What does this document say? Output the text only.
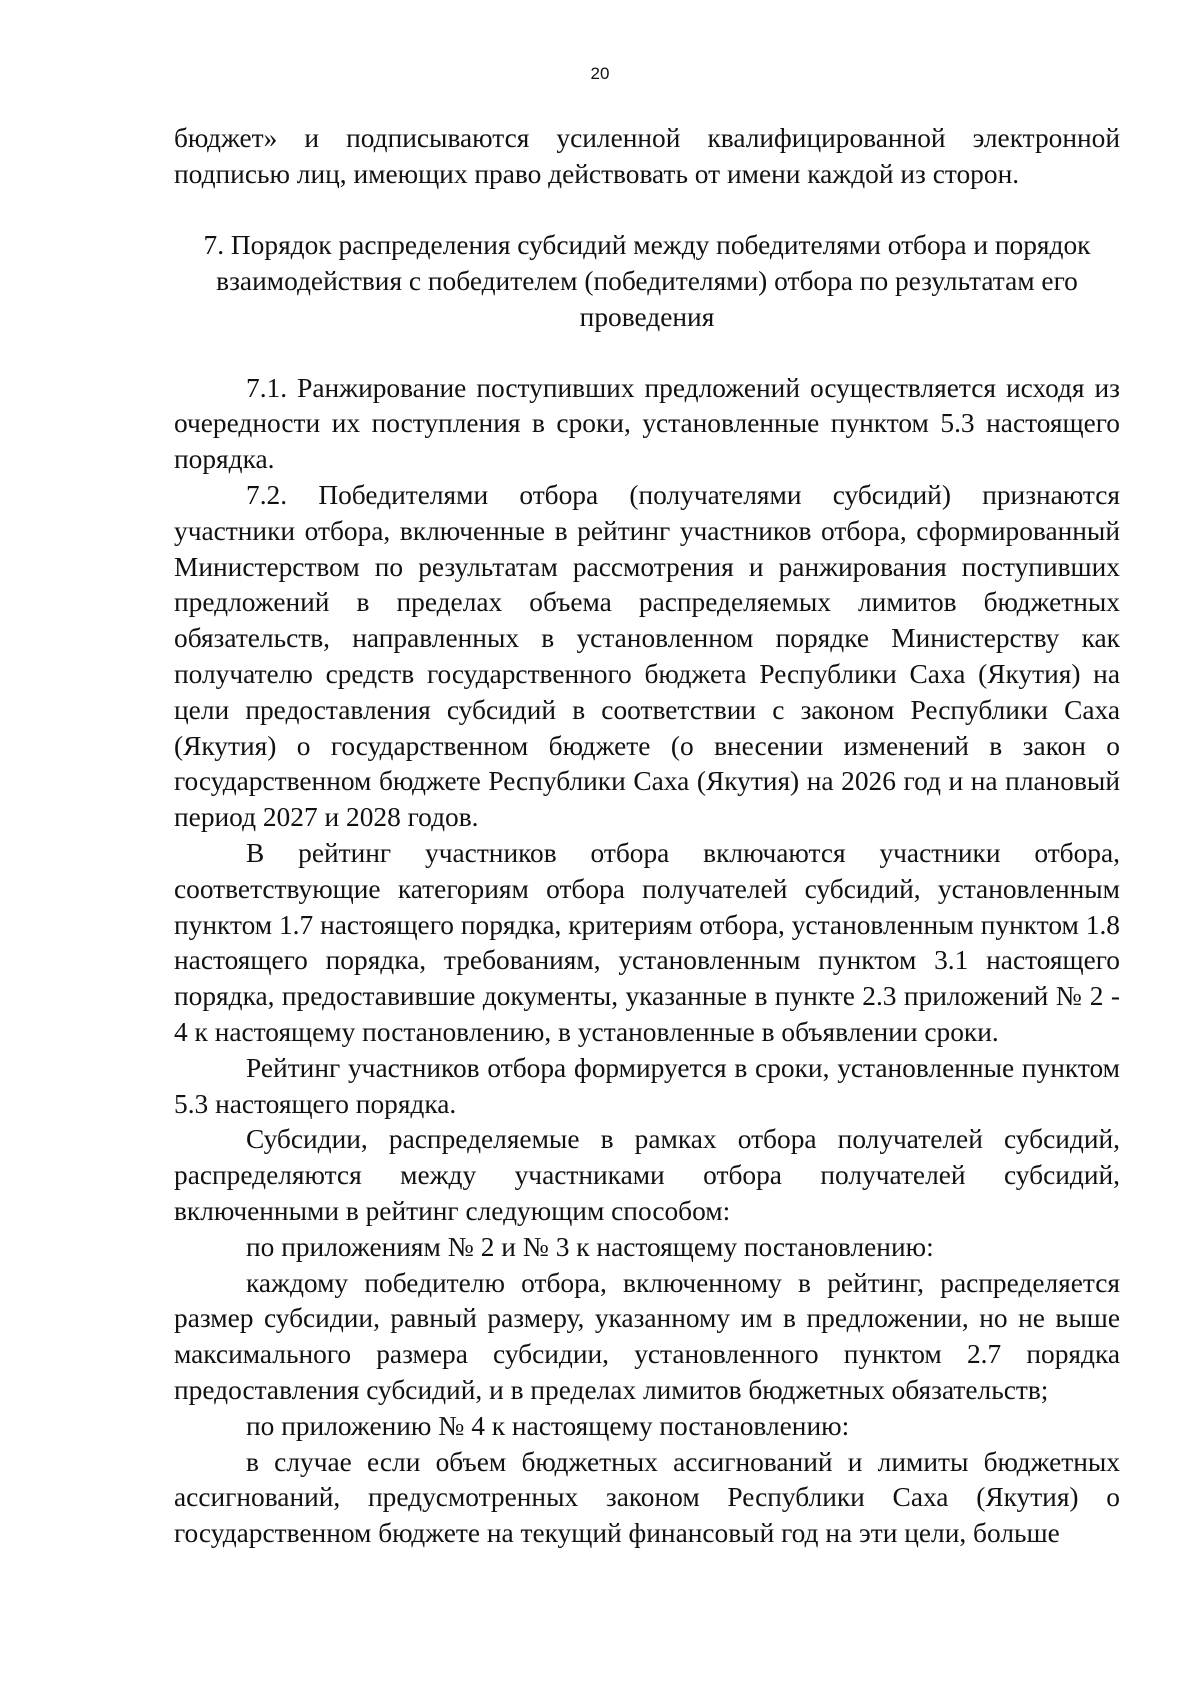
20

бюджет» и подписываются усиленной квалифицированной электронной подписью лиц, имеющих право действовать от имени каждой из сторон.

7. Порядок распределения субсидий между победителями отбора и порядок взаимодействия с победителем (победителями) отбора по результатам его проведения

7.1. Ранжирование поступивших предложений осуществляется исходя из очередности их поступления в сроки, установленные пунктом 5.3 настоящего порядка.

7.2. Победителями отбора (получателями субсидий) признаются участники отбора, включенные в рейтинг участников отбора, сформированный Министерством по результатам рассмотрения и ранжирования поступивших предложений в пределах объема распределяемых лимитов бюджетных обязательств, направленных в установленном порядке Министерству как получателю средств государственного бюджета Республики Саха (Якутия) на цели предоставления субсидий в соответствии с законом Республики Саха (Якутия) о государственном бюджете (о внесении изменений в закон о государственном бюджете Республики Саха (Якутия) на 2026 год и на плановый период 2027 и 2028 годов.

В рейтинг участников отбора включаются участники отбора, соответствующие категориям отбора получателей субсидий, установленным пунктом 1.7 настоящего порядка, критериям отбора, установленным пунктом 1.8 настоящего порядка, требованиям, установленным пунктом 3.1 настоящего порядка, предоставившие документы, указанные в пункте 2.3 приложений № 2 - 4 к настоящему постановлению, в установленные в объявлении сроки.

Рейтинг участников отбора формируется в сроки, установленные пунктом 5.3 настоящего порядка.

Субсидии, распределяемые в рамках отбора получателей субсидий, распределяются между участниками отбора получателей субсидий, включенными в рейтинг следующим способом:

по приложениям № 2 и № 3 к настоящему постановлению:

каждому победителю отбора, включенному в рейтинг, распределяется размер субсидии, равный размеру, указанному им в предложении, но не выше максимального размера субсидии, установленного пунктом 2.7 порядка предоставления субсидий, и в пределах лимитов бюджетных обязательств;

по приложению № 4 к настоящему постановлению:

в случае если объем бюджетных ассигнований и лимиты бюджетных ассигнований, предусмотренных законом Республики Саха (Якутия) о государственном бюджете на текущий финансовый год на эти цели, больше
